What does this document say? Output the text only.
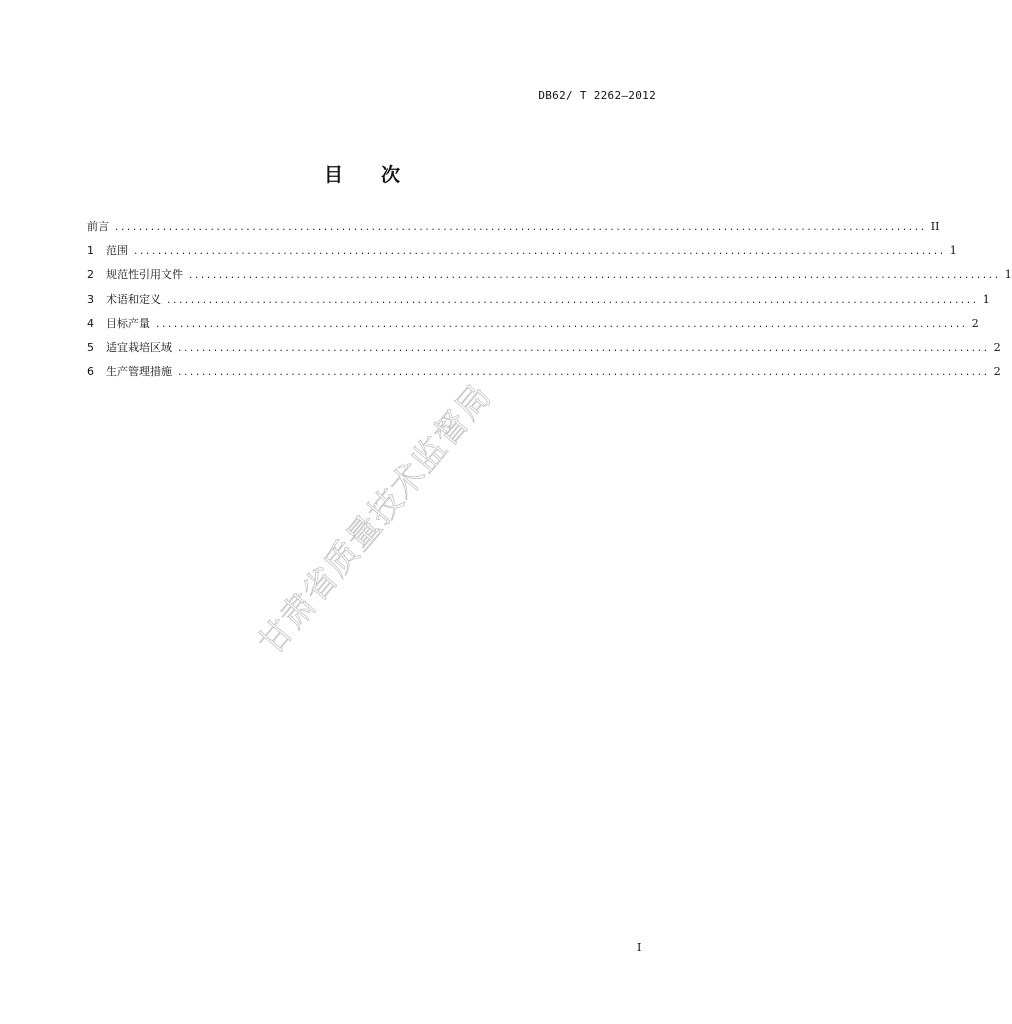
DB62/ T 2262—2012
目 次
前言 ........................................................................................................................................ II
1	范围 ........................................................................................................................................ 1
2	规范性引用文件 ........................................................................................................................................ 1
3	术语和定义 ........................................................................................................................................ 1
4	目标产量 ........................................................................................................................................ 2
5	适宜栽培区域 ........................................................................................................................................ 2
6	生产管理措施 ........................................................................................................................................ 2
甘肃省质量技术监督局
I
